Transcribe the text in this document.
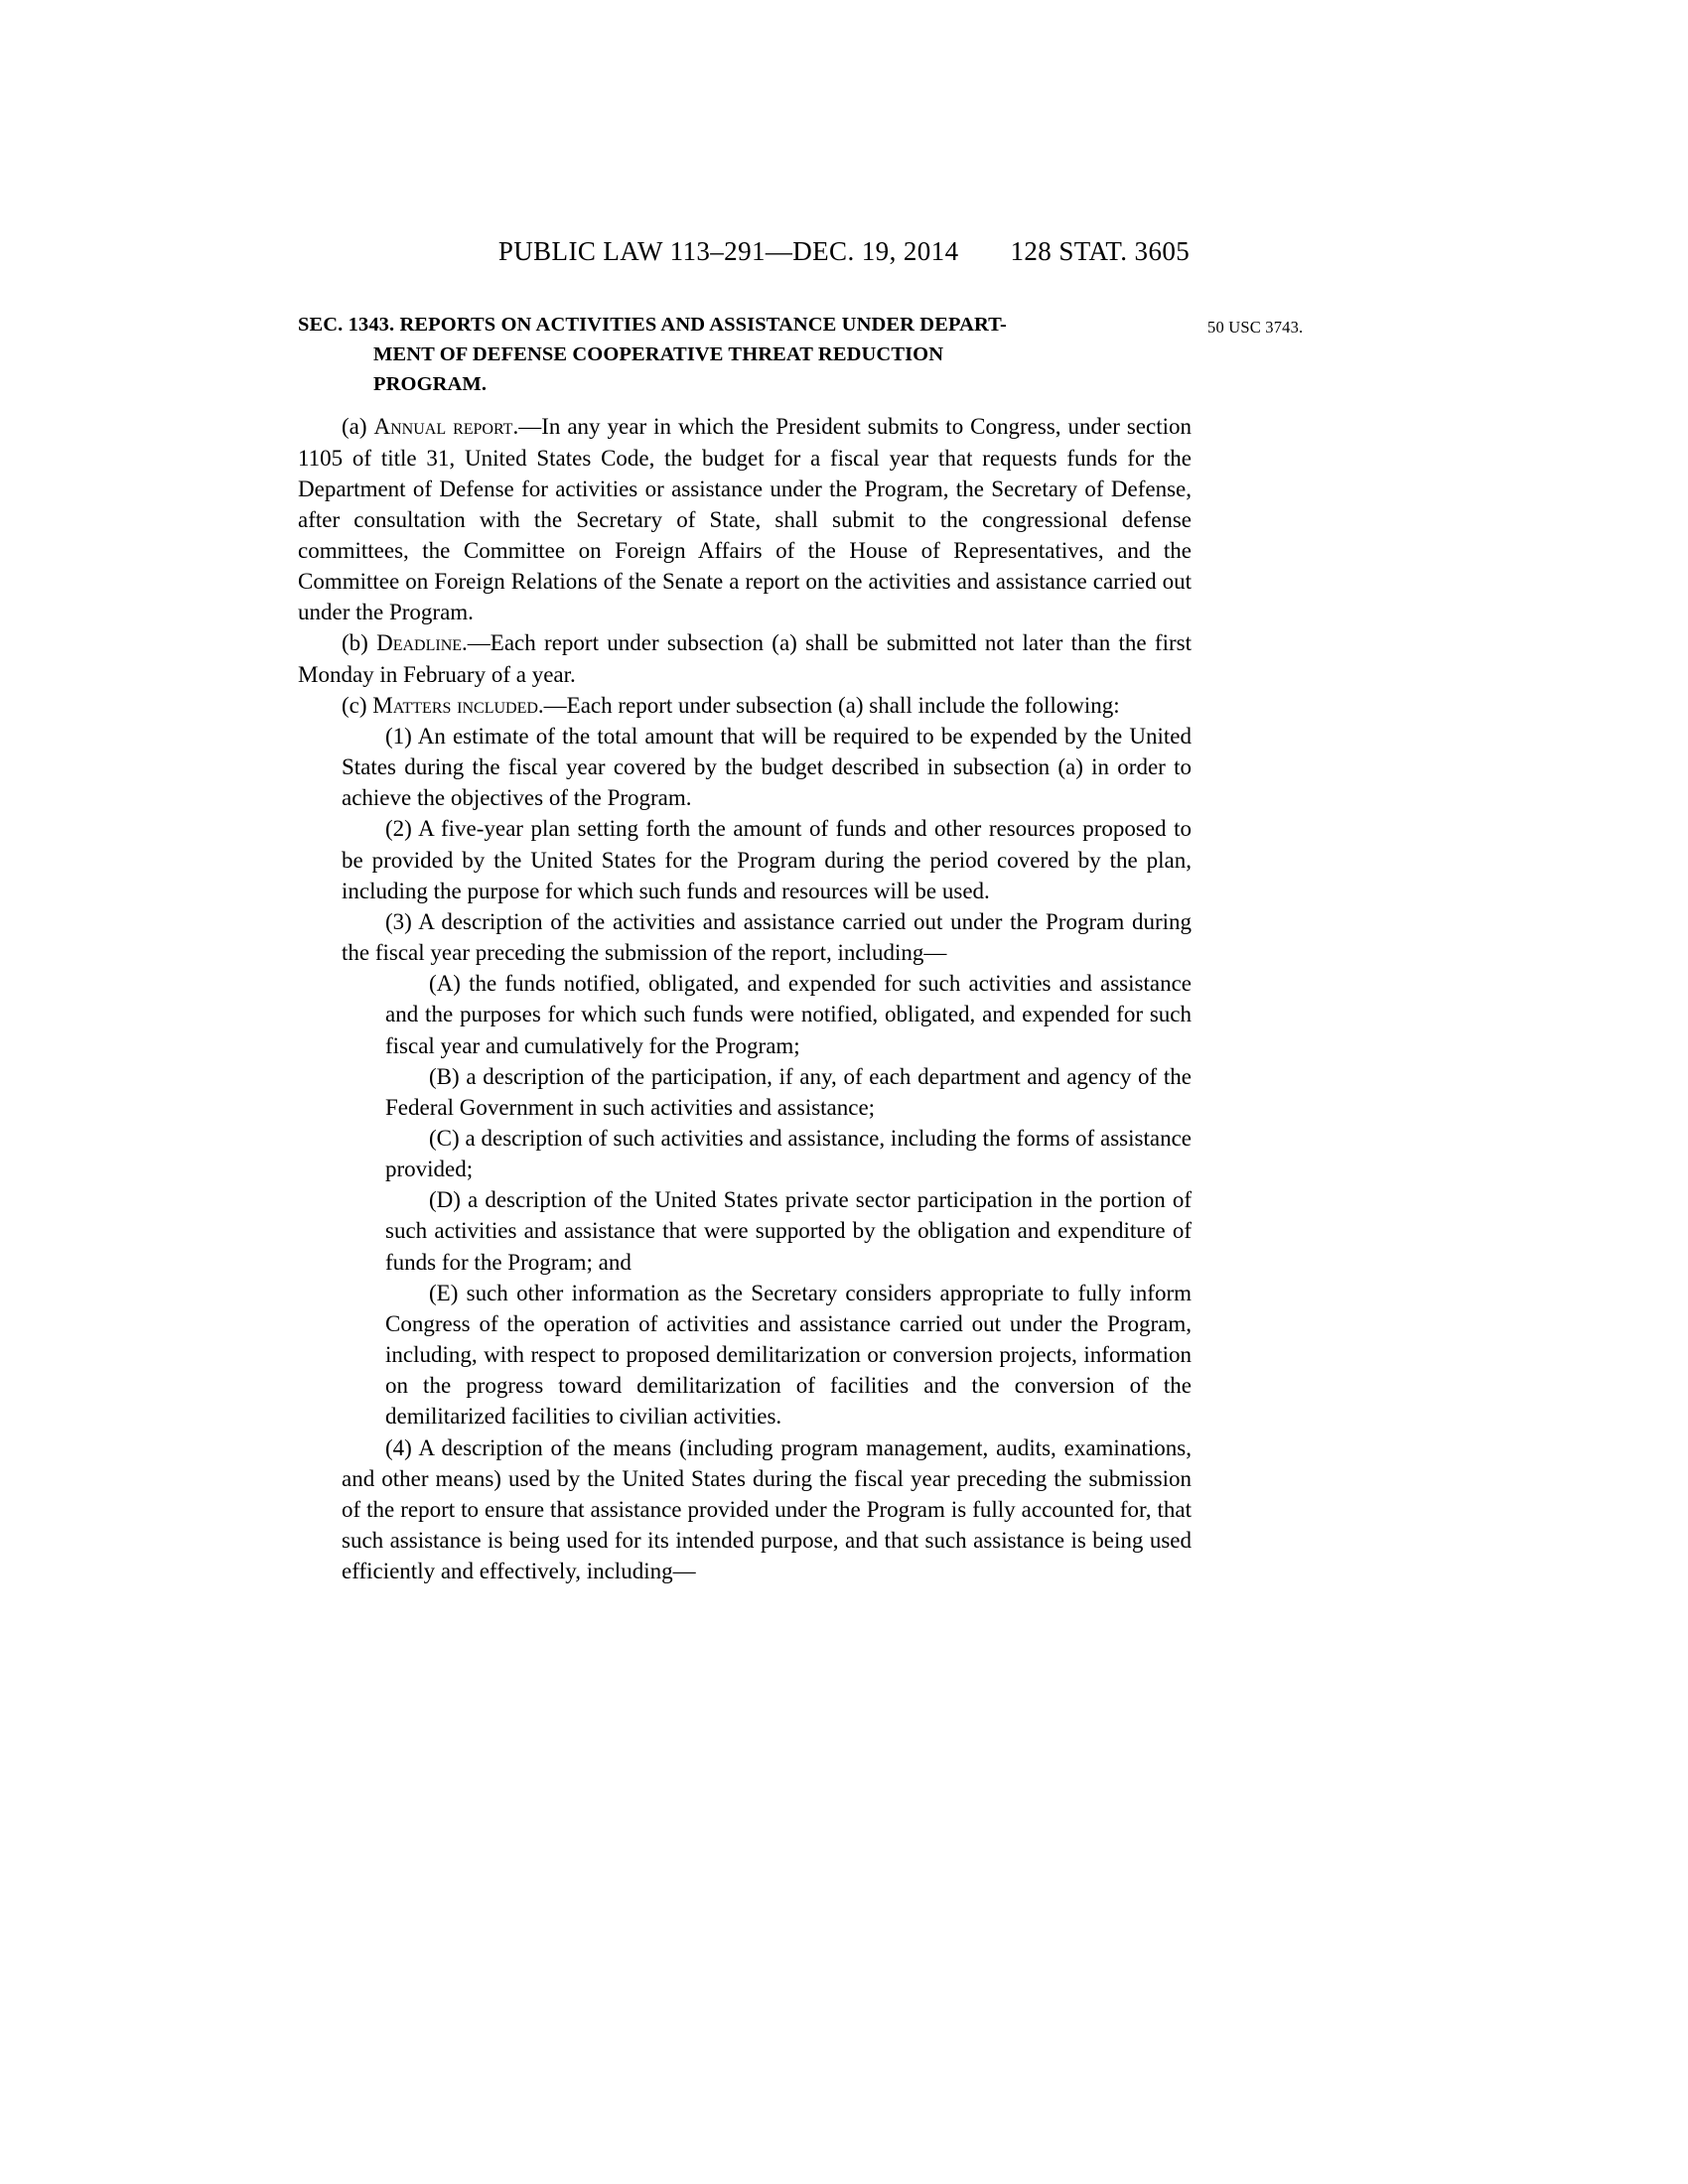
PUBLIC LAW 113–291—DEC. 19, 2014 128 STAT. 3605
50 USC 3743.
SEC. 1343. REPORTS ON ACTIVITIES AND ASSISTANCE UNDER DEPART-
MENT OF DEFENSE COOPERATIVE THREAT REDUCTION
PROGRAM.

(a) Annual report.—In any year in which the President submits to Congress, under section 1105 of title 31, United States Code, the budget for a fiscal year that requests funds for the Department of Defense for activities or assistance under the Program, the Secretary of Defense, after consultation with the Secretary of State, shall submit to the congressional defense committees, the Committee on Foreign Affairs of the House of Representatives, and the Committee on Foreign Relations of the Senate a report on the activities and assistance carried out under the Program.

(b) Deadline.—Each report under subsection (a) shall be submitted not later than the first Monday in February of a year.

(c) Matters included.—Each report under subsection (a) shall include the following:

(1) An estimate of the total amount that will be required to be expended by the United States during the fiscal year covered by the budget described in subsection (a) in order to achieve the objectives of the Program.

(2) A five-year plan setting forth the amount of funds and other resources proposed to be provided by the United States for the Program during the period covered by the plan, including the purpose for which such funds and resources will be used.

(3) A description of the activities and assistance carried out under the Program during the fiscal year preceding the submission of the report, including—

(A) the funds notified, obligated, and expended for such activities and assistance and the purposes for which such funds were notified, obligated, and expended for such fiscal year and cumulatively for the Program;

(B) a description of the participation, if any, of each department and agency of the Federal Government in such activities and assistance;

(C) a description of such activities and assistance, including the forms of assistance provided;

(D) a description of the United States private sector participation in the portion of such activities and assistance that were supported by the obligation and expenditure of funds for the Program; and

(E) such other information as the Secretary considers appropriate to fully inform Congress of the operation of activities and assistance carried out under the Program, including, with respect to proposed demilitarization or conversion projects, information on the progress toward demilitarization of facilities and the conversion of the demilitarized facilities to civilian activities.

(4) A description of the means (including program management, audits, examinations, and other means) used by the United States during the fiscal year preceding the submission of the report to ensure that assistance provided under the Program is fully accounted for, that such assistance is being used for its intended purpose, and that such assistance is being used efficiently and effectively, including—
